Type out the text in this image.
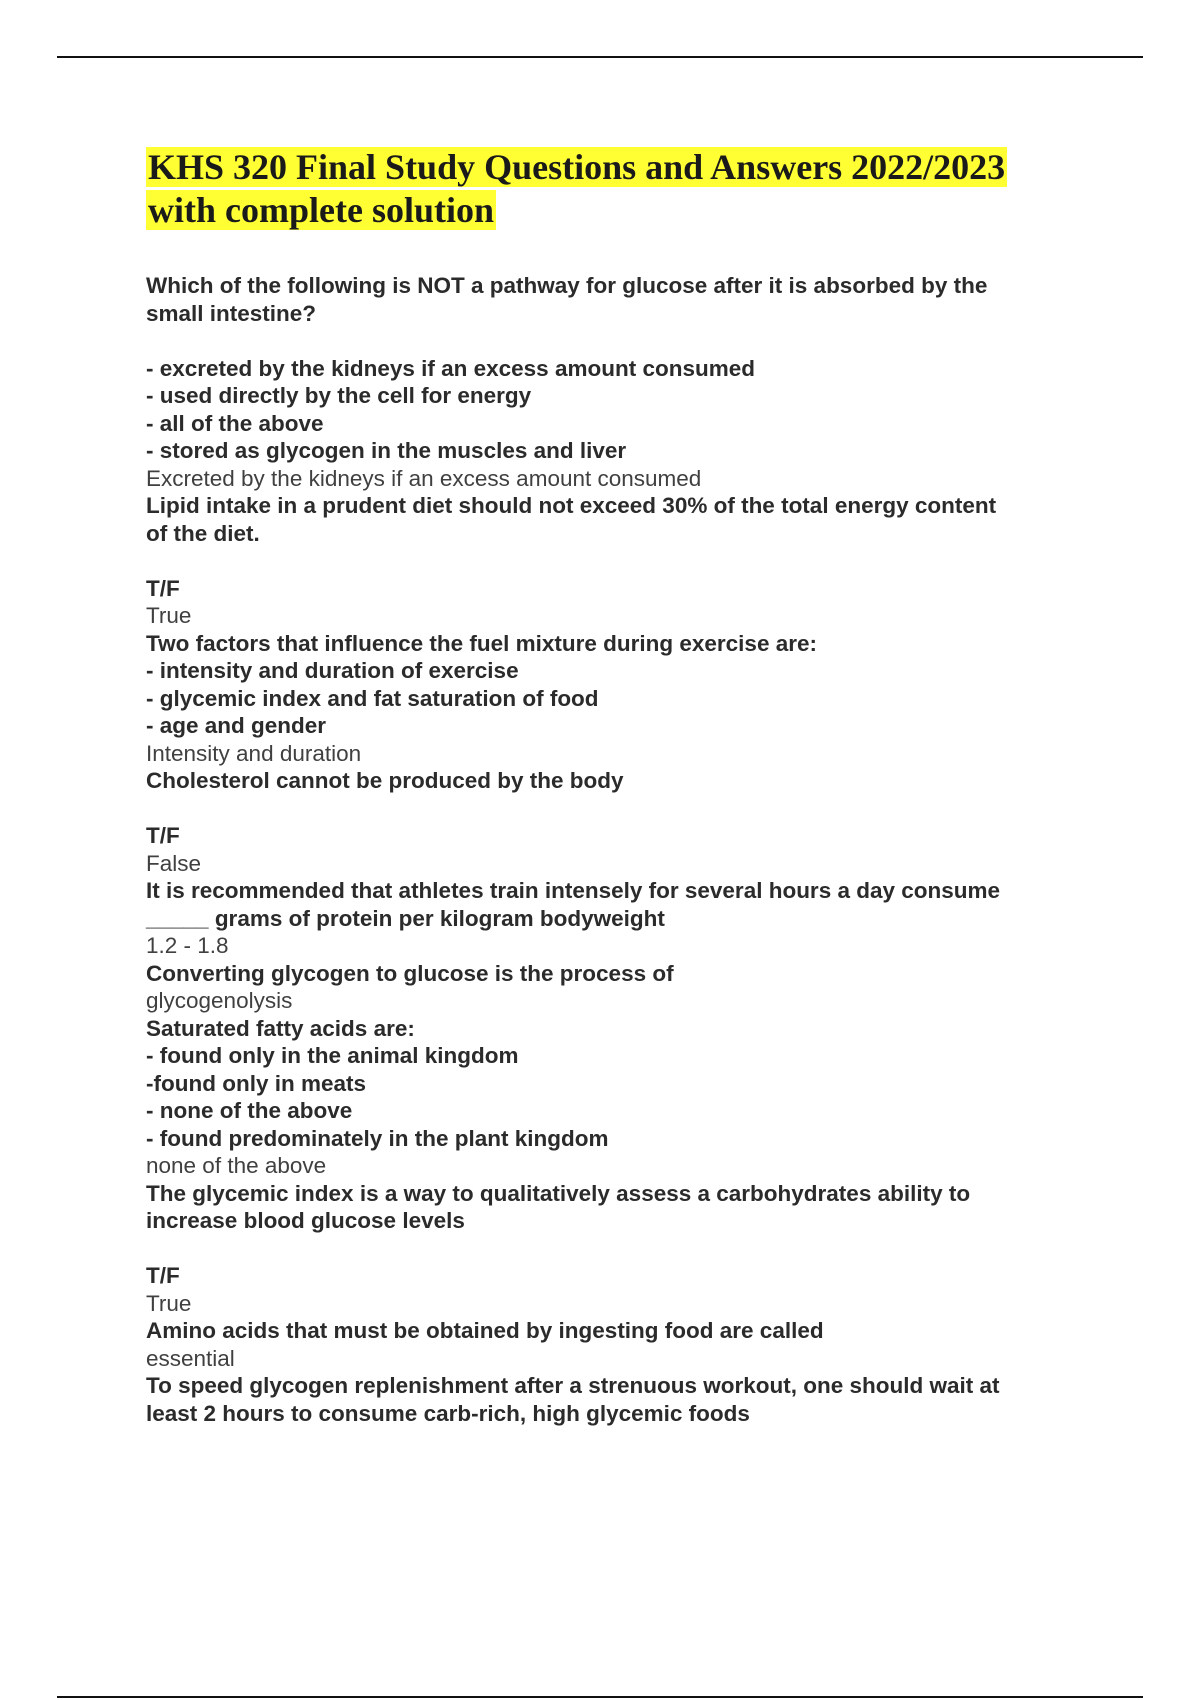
KHS 320 Final Study Questions and Answers 2022/2023
with complete solution
Which of the following is NOT a pathway for glucose after it is absorbed by the
small intestine?
- excreted by the kidneys if an excess amount consumed
- used directly by the cell for energy
- all of the above
- stored as glycogen in the muscles and liver
Excreted by the kidneys if an excess amount consumed
Lipid intake in a prudent diet should not exceed 30% of the total energy content
of the diet.
T/F
True
Two factors that influence the fuel mixture during exercise are:
- intensity and duration of exercise
- glycemic index and fat saturation of food
- age and gender
Intensity and duration
Cholesterol cannot be produced by the body
T/F
False
It is recommended that athletes train intensely for several hours a day consume
_____ grams of protein per kilogram bodyweight
1.2 - 1.8
Converting glycogen to glucose is the process of
glycogenolysis
Saturated fatty acids are:
- found only in the animal kingdom
-found only in meats
- none of the above
- found predominately in the plant kingdom
none of the above
The glycemic index is a way to qualitatively assess a carbohydrates ability to
increase blood glucose levels
T/F
True
Amino acids that must be obtained by ingesting food are called
essential
To speed glycogen replenishment after a strenuous workout, one should wait at
least 2 hours to consume carb-rich, high glycemic foods
